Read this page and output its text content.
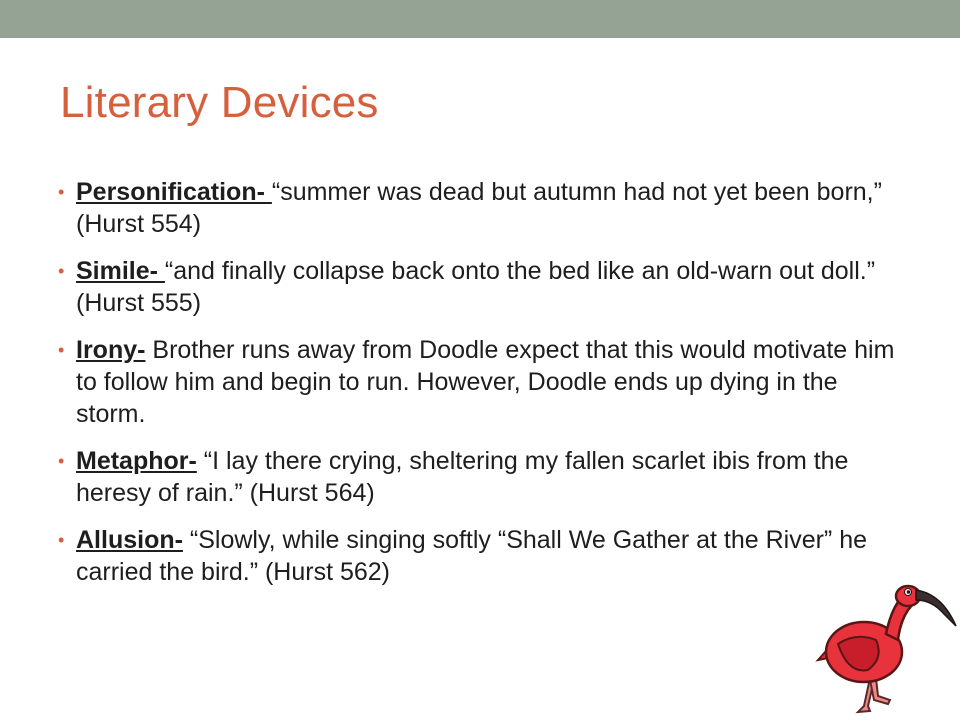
Literary Devices
• Personification- “summer was dead but autumn had not yet been born,” (Hurst 554)
• Simile- “and finally collapse back onto the bed like an old-warn out doll.” (Hurst 555)
• Irony- Brother runs away from Doodle expect that this would motivate him to follow him and begin to run. However, Doodle ends up dying in the storm.
• Metaphor- “I lay there crying, sheltering my fallen scarlet ibis from the heresy of rain.” (Hurst 564)
• Allusion- “Slowly, while singing softly “Shall We Gather at the River” he carried the bird.” (Hurst 562)
